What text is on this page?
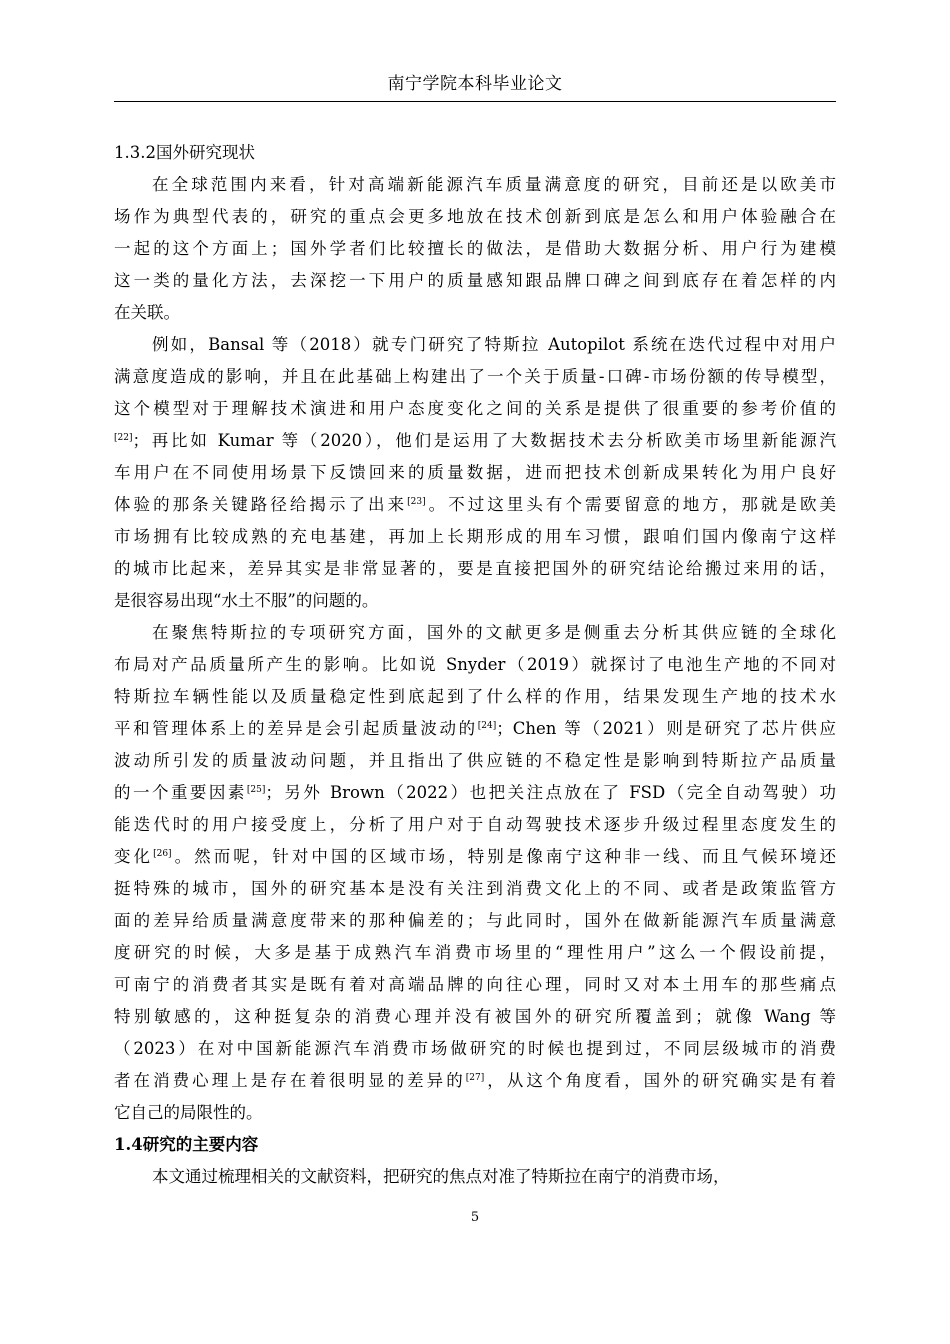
南宁学院本科毕业论文
1.3.2国外研究现状
在全球范围内来看，针对高端新能源汽车质量满意度的研究，目前还是以欧美市
场作为典型代表的，研究的重点会更多地放在技术创新到底是怎么和用户体验融合在
一起的这个方面上；国外学者们比较擅长的做法，是借助大数据分析、用户行为建模
这一类的量化方法，去深挖一下用户的质量感知跟品牌口碑之间到底存在着怎样的内
在关联。
例如，Bansal 等（2018）就专门研究了特斯拉 Autopilot 系统在迭代过程中对用户
满意度造成的影响，并且在此基础上构建出了一个关于质量-口碑-市场份额的传导模型，
这个模型对于理解技术演进和用户态度变化之间的关系是提供了很重要的参考价值的
[22]；再比如 Kumar 等（2020），他们是运用了大数据技术去分析欧美市场里新能源汽
车用户在不同使用场景下反馈回来的质量数据，进而把技术创新成果转化为用户良好
体验的那条关键路径给揭示了出来[23]。不过这里头有个需要留意的地方，那就是欧美
市场拥有比较成熟的充电基建，再加上长期形成的用车习惯，跟咱们国内像南宁这样
的城市比起来，差异其实是非常显著的，要是直接把国外的研究结论给搬过来用的话，
是很容易出现“水土不服”的问题的。
在聚焦特斯拉的专项研究方面，国外的文献更多是侧重去分析其供应链的全球化
布局对产品质量所产生的影响。比如说 Snyder（2019）就探讨了电池生产地的不同对
特斯拉车辆性能以及质量稳定性到底起到了什么样的作用，结果发现生产地的技术水
平和管理体系上的差异是会引起质量波动的[24]；Chen 等（2021）则是研究了芯片供应
波动所引发的质量波动问题，并且指出了供应链的不稳定性是影响到特斯拉产品质量
的一个重要因素[25]；另外 Brown（2022）也把关注点放在了 FSD（完全自动驾驶）功
能迭代时的用户接受度上，分析了用户对于自动驾驶技术逐步升级过程里态度发生的
变化[26]。然而呢，针对中国的区域市场，特别是像南宁这种非一线、而且气候环境还
挺特殊的城市，国外的研究基本是没有关注到消费文化上的不同、或者是政策监管方
面的差异给质量满意度带来的那种偏差的；与此同时，国外在做新能源汽车质量满意
度研究的时候，大多是基于成熟汽车消费市场里的“理性用户”这么一个假设前提，
可南宁的消费者其实是既有着对高端品牌的向往心理，同时又对本土用车的那些痛点
特别敏感的，这种挺复杂的消费心理并没有被国外的研究所覆盖到；就像 Wang 等
（2023）在对中国新能源汽车消费市场做研究的时候也提到过，不同层级城市的消费
者在消费心理上是存在着很明显的差异的[27]，从这个角度看，国外的研究确实是有着
它自己的局限性的。
1.4研究的主要内容
本文通过梳理相关的文献资料，把研究的焦点对准了特斯拉在南宁的消费市场，
5
